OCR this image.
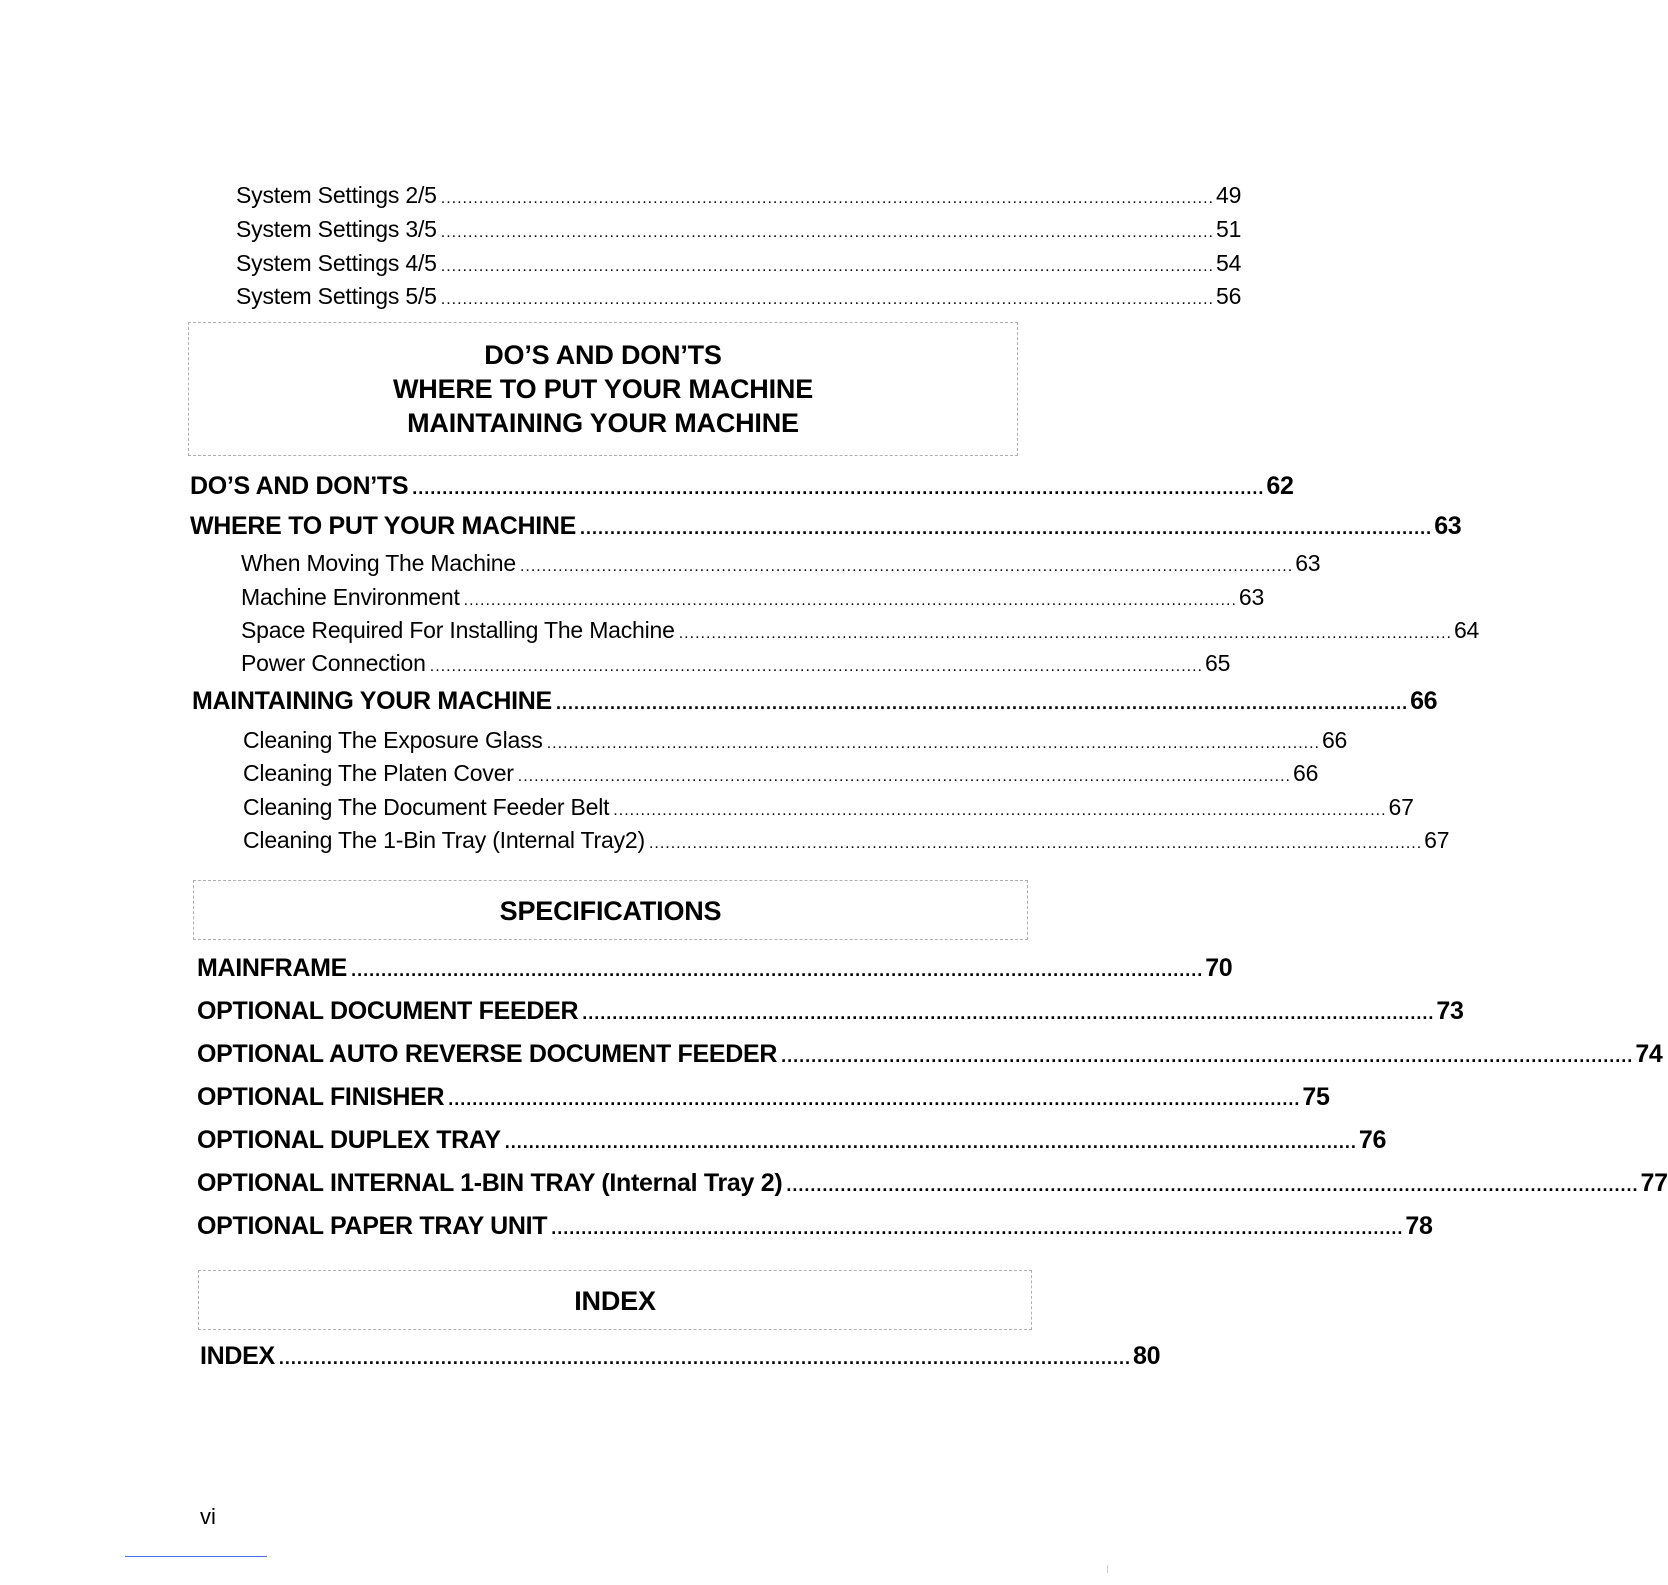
System Settings 2/5 .............................................................................................................................................. 49
System Settings 3/5 .............................................................................................................................................. 51
System Settings 4/5 .............................................................................................................................................. 54
System Settings 5/5 .............................................................................................................................................. 56
DO’S AND DON’TS
WHERE TO PUT YOUR MACHINE
MAINTAINING YOUR MACHINE
DO’S AND DON’TS .............................................................................................................................................. 62
WHERE TO PUT YOUR MACHINE .............................................................................................................................................. 63
When Moving The Machine .............................................................................................................................................. 63
Machine Environment .............................................................................................................................................. 63
Space Required For Installing The Machine .............................................................................................................................................. 64
Power Connection .............................................................................................................................................. 65
MAINTAINING YOUR MACHINE .............................................................................................................................................. 66
Cleaning The Exposure Glass .............................................................................................................................................. 66
Cleaning The Platen Cover .............................................................................................................................................. 66
Cleaning The Document Feeder Belt .............................................................................................................................................. 67
Cleaning The 1-Bin Tray (Internal Tray2) .............................................................................................................................................. 67
SPECIFICATIONS
MAINFRAME .............................................................................................................................................. 70
OPTIONAL DOCUMENT FEEDER .............................................................................................................................................. 73
OPTIONAL AUTO REVERSE DOCUMENT FEEDER .............................................................................................................................................. 74
OPTIONAL FINISHER .............................................................................................................................................. 75
OPTIONAL DUPLEX TRAY .............................................................................................................................................. 76
OPTIONAL INTERNAL 1-BIN TRAY (Internal Tray 2) .............................................................................................................................................. 77
OPTIONAL PAPER TRAY UNIT .............................................................................................................................................. 78
INDEX
INDEX .............................................................................................................................................. 80
vi
